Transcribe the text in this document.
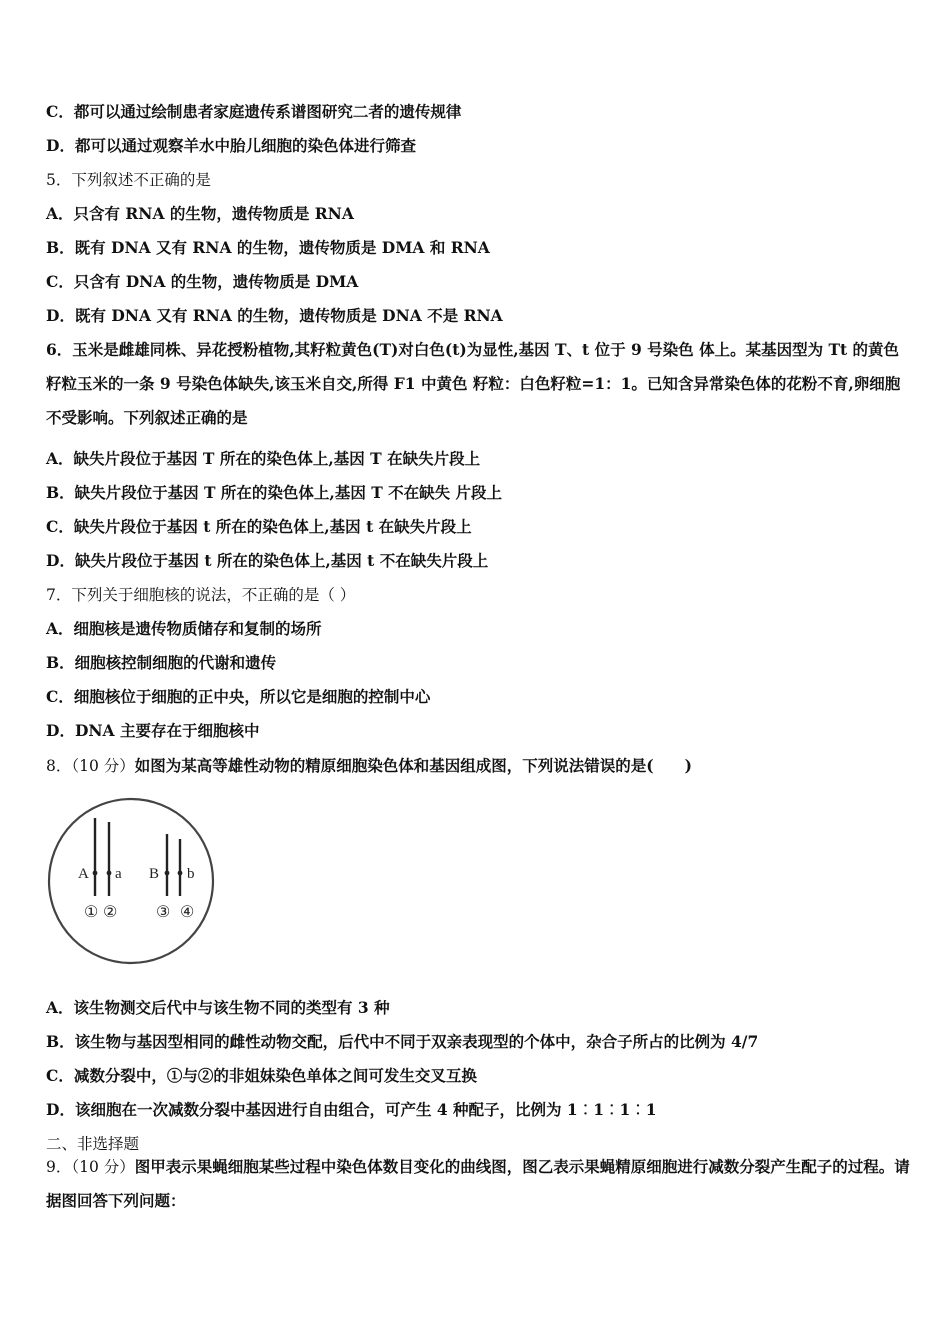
C．都可以通过绘制患者家庭遗传系谱图研究二者的遗传规律
D．都可以通过观察羊水中胎儿细胞的染色体进行筛查
5．下列叙述不正确的是
A．只含有 RNA 的生物，遗传物质是 RNA
B．既有 DNA 又有 RNA 的生物，遗传物质是 DMA 和 RNA
C．只含有 DNA 的生物，遗传物质是 DMA
D．既有 DNA 又有 RNA 的生物，遗传物质是 DNA 不是 RNA
6．玉米是雌雄同株、异花授粉植物,其籽粒黄色(T)对白色(t)为显性,基因 T、t 位于 9 号染色 体上。某基因型为 Tt 的黄色籽粒玉米的一条 9 号染色体缺失,该玉米自交,所得 F1 中黄色 籽粒：白色籽粒=1：1。已知含异常染色体的花粉不育,卵细胞不受影响。下列叙述正确的是
A．缺失片段位于基因 T 所在的染色体上,基因 T 在缺失片段上
B．缺失片段位于基因 T 所在的染色体上,基因 T 不在缺失 片段上
C．缺失片段位于基因 t 所在的染色体上,基因 t 在缺失片段上
D．缺失片段位于基因 t 所在的染色体上,基因 t 不在缺失片段上
7．下列关于细胞核的说法，不正确的是（ ）
A．细胞核是遗传物质储存和复制的场所
B．细胞核控制细胞的代谢和遗传
C．细胞核位于细胞的正中央，所以它是细胞的控制中心
D．DNA 主要存在于细胞核中
8．（10 分）如图为某高等雄性动物的精原细胞染色体和基因组成图，下列说法错误的是(　　)
A a B b
① ② ③ ④
A．该生物测交后代中与该生物不同的类型有 3 种
B．该生物与基因型相同的雌性动物交配，后代中不同于双亲表现型的个体中，杂合子所占的比例为 4/7
C．减数分裂中，①与②的非姐妹染色单体之间可发生交叉互换
D．该细胞在一次减数分裂中基因进行自由组合，可产生 4 种配子，比例为 1︰1︰1︰1
二、非选择题
9．（10 分）图甲表示果蝇细胞某些过程中染色体数目变化的曲线图，图乙表示果蝇精原细胞进行减数分裂产生配子的过程。请据图回答下列问题：
